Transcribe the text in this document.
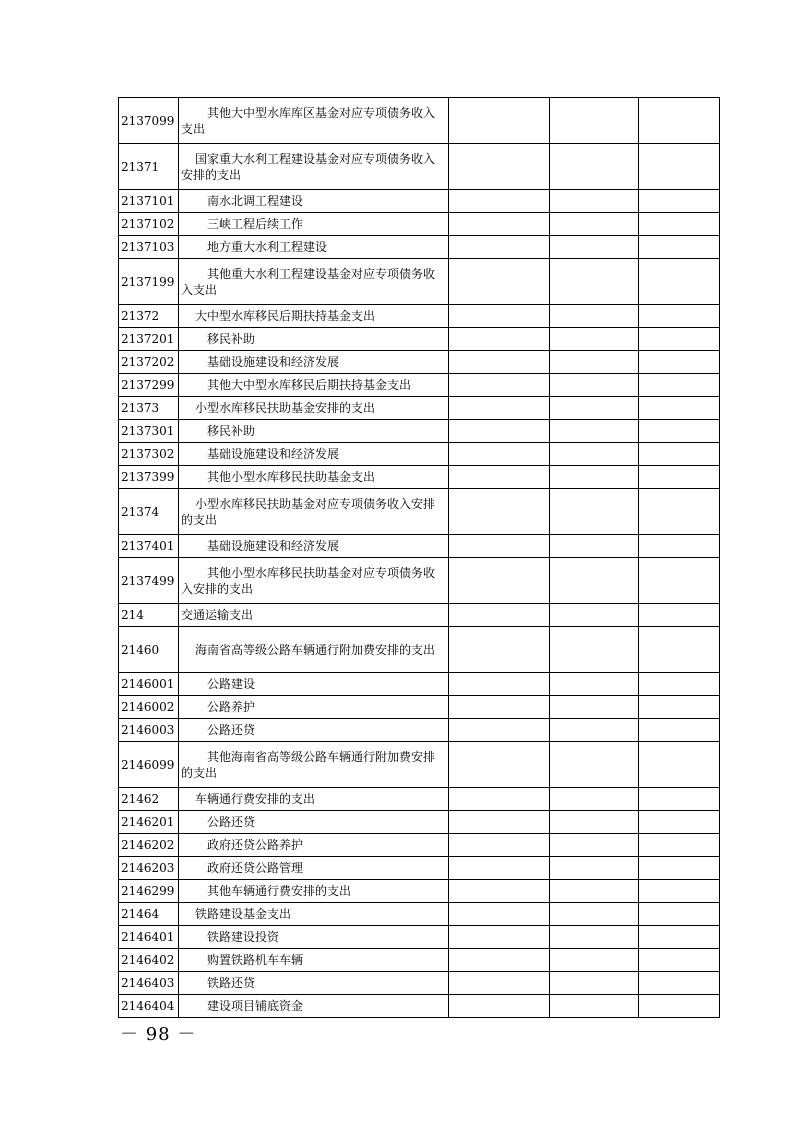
2137099	其他大中型水库库区基金对应专项债务收入支出			
21371	国家重大水利工程建设基金对应专项债务收入安排的支出			
2137101	南水北调工程建设			
2137102	三峡工程后续工作			
2137103	地方重大水利工程建设			
2137199	其他重大水利工程建设基金对应专项债务收入支出			
21372	大中型水库移民后期扶持基金支出			
2137201	移民补助			
2137202	基础设施建设和经济发展			
2137299	其他大中型水库移民后期扶持基金支出			
21373	小型水库移民扶助基金安排的支出			
2137301	移民补助			
2137302	基础设施建设和经济发展			
2137399	其他小型水库移民扶助基金支出			
21374	小型水库移民扶助基金对应专项债务收入安排的支出			
2137401	基础设施建设和经济发展			
2137499	其他小型水库移民扶助基金对应专项债务收入安排的支出			
214	交通运输支出			
21460	海南省高等级公路车辆通行附加费安排的支出			
2146001	公路建设			
2146002	公路养护			
2146003	公路还贷			
2146099	其他海南省高等级公路车辆通行附加费安排的支出			
21462	车辆通行费安排的支出			
2146201	公路还贷			
2146202	政府还贷公路养护			
2146203	政府还贷公路管理			
2146299	其他车辆通行费安排的支出			
21464	铁路建设基金支出			
2146401	铁路建设投资			
2146402	购置铁路机车车辆			
2146403	铁路还贷			
2146404	建设项目铺底资金			
－ 98 －
